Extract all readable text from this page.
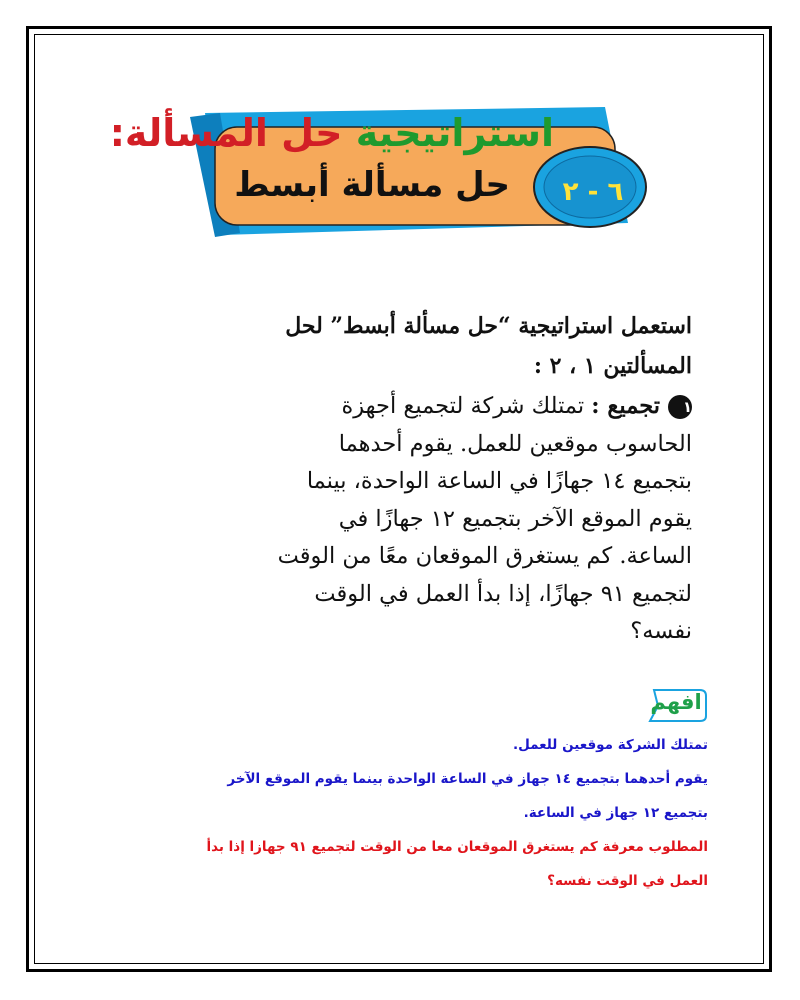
استراتيجية حل المسألة:
حل مسألة أبسط	٦ - ٢
استعمل استراتيجية “حل مسألة أبسط” لحل
المسألتين ١ ، ٢ :
١تجميع : تمتلك شركة لتجميع أجهزة
الحاسوب موقعين للعمل. يقوم أحدهما
بتجميع ١٤ جهازًا في الساعة الواحدة، بينما
يقوم الموقع الآخر بتجميع ١٢ جهازًا في
الساعة. كم يستغرق الموقعان معًا من الوقت
لتجميع ٩١ جهازًا، إذا بدأ العمل في الوقت
نفسه؟
افهم
تمتلك الشركة موقعين للعمل.
يقوم أحدهما بتجميع ١٤ جهاز في الساعة الواحدة بينما يقوم الموقع الآخر
بتجميع ١٢ جهاز في الساعة.
المطلوب معرفة كم يستغرق الموقعان معا من الوقت لتجميع ٩١ جهازا إذا بدأ
العمل في الوقت نفسه؟
